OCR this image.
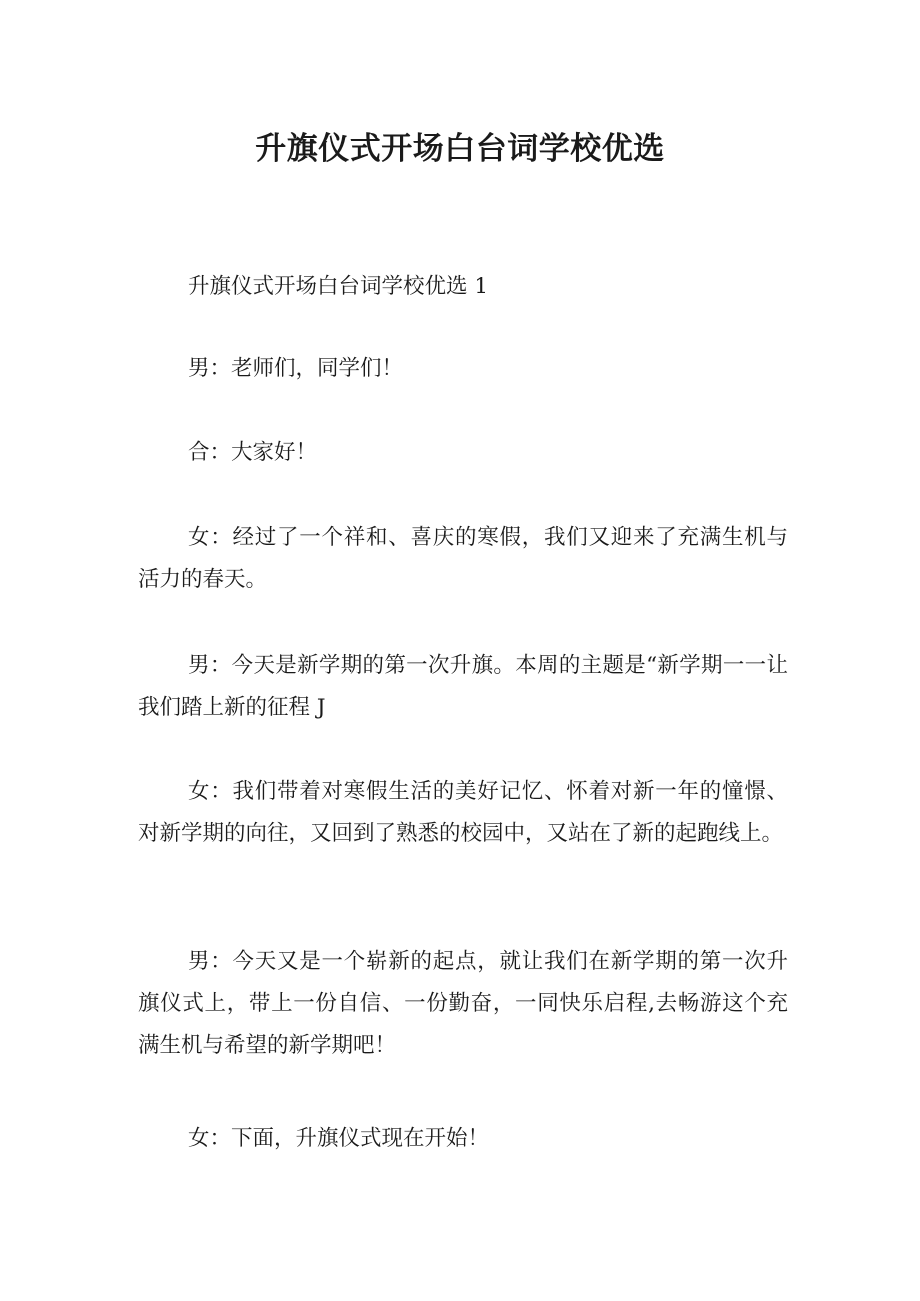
升旗仪式开场白台词学校优选

升旗仪式开场白台词学校优选 1

男：老师们，同学们！

合：大家好！

女：经过了一个祥和、喜庆的寒假，我们又迎来了充满生机与活力的春天。

男：今天是新学期的第一次升旗。本周的主题是“新学期一一让我们踏上新的征程 J

女：我们带着对寒假生活的美好记忆、怀着对新一年的憧憬、对新学期的向往，又回到了熟悉的校园中，又站在了新的起跑线上。

男：今天又是一个崭新的起点，就让我们在新学期的第一次升旗仪式上，带上一份自信、一份勤奋，一同快乐启程,去畅游这个充满生机与希望的新学期吧！

女：下面，升旗仪式现在开始！
